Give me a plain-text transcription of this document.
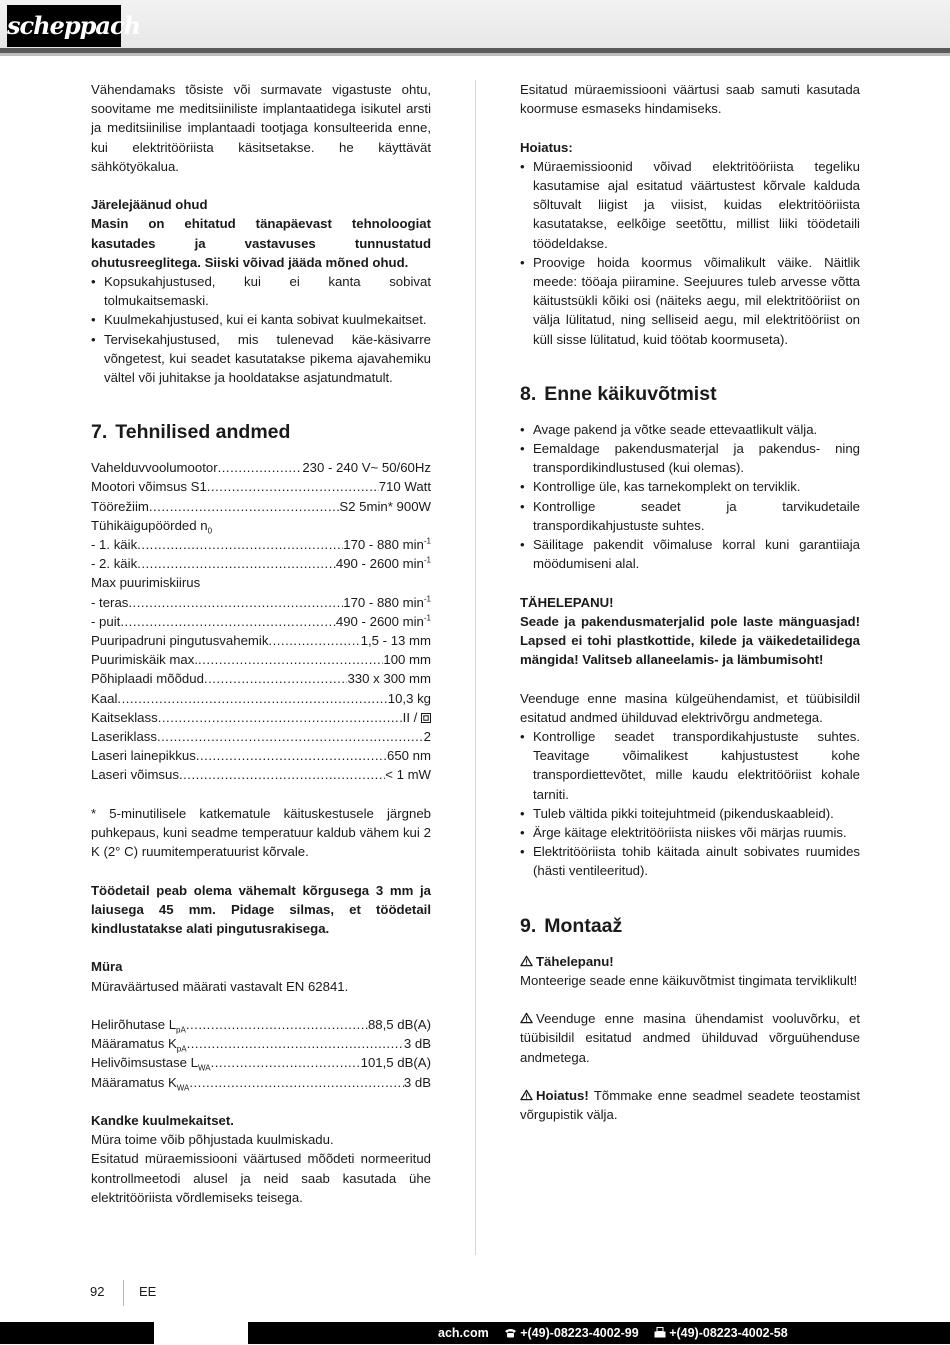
scheppach

Vähendamaks tõsiste või surmavate vigastuste ohtu, soovitame me meditsiiniliste implantaatidega isikutel arsti ja meditsiinilise implantaadi tootjaga konsulteerida enne, kui elektritööriista käsitsetakse. he käyttävät sähkötyökalua.

Järelejäänud ohud

Masin on ehitatud tänapäevast tehnoloogiat kasutades ja vastavuses tunnustatud ohutusreeglitega. Siiski võivad jääda mõned ohud.

• Kopsukahjustused, kui ei kanta sobivat tolmukaitsemaski.
• Kuulmekahjustused, kui ei kanta sobivat kuulmekaitset.
• Tervisekahjustused, mis tulenevad käe-käsivarre võngetest, kui seadet kasutatakse pikema ajavahemiku vältel või juhitakse ja hooldatakse asjatundmatult.
7. Tehnilised andmed
Vahelduvvoolumootor .....	230 - 240 V~ 50/60Hz
Mootori võimsus S1 .....	710 Watt
Töörežiim .....	S2 5min* 900W
Tühikäigupöörded $n_0$
- 1. käik .....	170 - 880 $\min^{-1}$
- 2. käik .....	490 - 2600 $\min^{-1}$
Max puurimiskiirus
- teras .....	170 - 880 $\min^{-1}$
- puit .....	490 - 2600 $\min^{-1}$
Puuripadruni pingutusvahemik .....	1,5 - 13 mm
Puurimiskäik max. .....	100 mm
Põhiplaadi mõõdud .....	330 x 300 mm
Kaal .....	10,3 kg
Kaitseklass .....	II /
Laseriklass .....	2
Laseri lainepikkus .....	650 nm
Laseri võimsus .....	< 1 mW

* 5-minutilisele katkematule käituskestusele järgneb puhkepaus, kuni seadme temperatuur kaldub vähem kui 2 K (2° C) ruumitemperatuurist kõrvale.

Töödetail peab olema vähemalt kõrgusega 3 mm ja laiusega 45 mm. Pidage silmas, et töödetail kindlustatakse alati pingutusrakisega.

Müra

Müraväärtused määrati vastavalt EN 62841.

Helirõhutase $L_{pA}$ .....	88,5 dB(A)
Määramatus $K_{pA}$ .....	3 dB
Helivõimsustase $L_{WA}$ .....	101,5 dB(A)
Määramatus $K_{WA}$ .....	3 dB

Kandke kuulmekaitset.

Müra toime võib põhjustada kuulmiskadu.

Esitatud müraemissiooni väärtused mõõdeti normeeritud kontrollmeetodi alusel ja neid saab kasutada ühe elektritööriista võrdlemiseks teisega.

Esitatud müraemissiooni väärtusi saab samuti kasutada koormuse esmaseks hindamiseks.

Hoiatus:

• Müraemissioonid võivad elektritööriista tegeliku kasutamise ajal esitatud väärtustest kõrvale kalduda sõltuvalt liigist ja viisist, kuidas elektritööriista kasutatakse, eelkõige seetõttu, millist liiki töödetaili töödeldakse.
• Proovige hoida koormus võimalikult väike. Näitlik meede: tööaja piiramine. Seejuures tuleb arvesse võtta käitustsükli kõiki osi (näiteks aegu, mil elektritööriist on välja lülitatud, ning selliseid aegu, mil elektritööriist on küll sisse lülitatud, kuid töötab koormuseta).
8. Enne käikuvõtmist
• Avage pakend ja võtke seade ettevaatlikult välja.
• Eemaldage pakendusmaterjal ja pakendus- ning transpordikindlustused (kui olemas).
• Kontrollige üle, kas tarnekomplekt on terviklik.
• Kontrollige seadet ja tarvikudetaile transpordikahjustuste suhtes.
• Säilitage pakendit võimaluse korral kuni garantiiaja möödumiseni alal.

TÄHELEPANU!

Seade ja pakendusmaterjalid pole laste mänguasjad! Lapsed ei tohi plastkottide, kilede ja väikedetailidega mängida! Valitseb allaneelamis- ja lämbumisoht!

Veenduge enne masina külgeühendamist, et tüübisildil esitatud andmed ühilduvad elektrivõrgu andmetega.

• Kontrollige seadet transpordikahjustuste suhtes. Teavitage võimalikest kahjustustest kohe transpordiettevõtet, mille kaudu elektritööriist kohale tarniti.
• Tuleb vältida pikki toitejuhtmeid (pikenduskaableid).
• Ärge käitage elektritööriista niiskes või märjas ruumis.
• Elektritööriista tohib käitada ainult sobivates ruumides (hästi ventileeritud).
9. Montaaž

Tähelepanu!

Monteerige seade enne käikuvõtmist tingimata terviklikult!

Veenduge enne masina ühendamist vooluvõrku, et tüübisildil esitatud andmed ühilduvad võrguühenduse andmetega.

Hoiatus! Tõmmake enne seadmel seadete teostamist võrgupistik välja.

92	EE
ach.com	+(49)-08223-4002-99 +(49)-08223-4002-58
